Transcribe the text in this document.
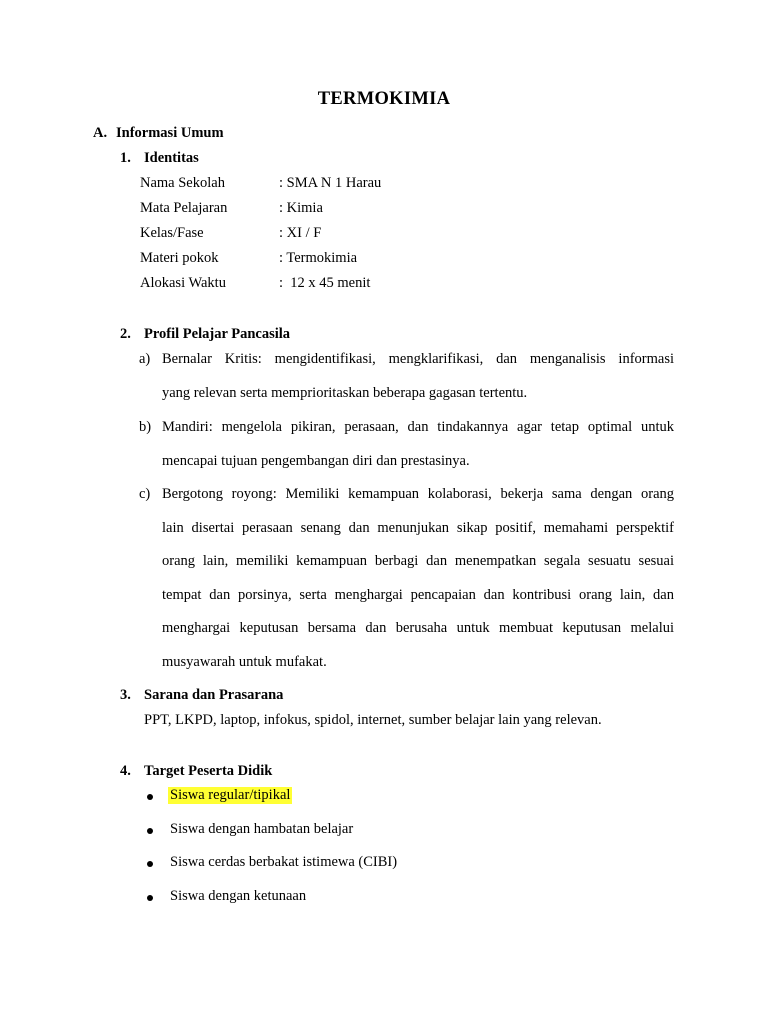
TERMOKIMIA
A. Informasi Umum
1. Identitas
Nama Sekolah	: SMA N 1 Harau
Mata Pelajaran	: Kimia
Kelas/Fase	: XI / F
Materi pokok	: Termokimia
Alokasi Waktu	:  12 x 45 menit
2. Profil Pelajar Pancasila
a) Bernalar Kritis: mengidentifikasi, mengklarifikasi, dan menganalisis informasi
yang relevan serta memprioritaskan beberapa gagasan tertentu.
b) Mandiri: mengelola pikiran, perasaan, dan tindakannya agar tetap optimal untuk
mencapai tujuan pengembangan diri dan prestasinya.
c) Bergotong royong: Memiliki kemampuan kolaborasi, bekerja sama dengan orang
lain disertai perasaan senang dan menunjukan sikap positif, memahami perspektif
orang lain, memiliki kemampuan berbagi dan menempatkan segala sesuatu sesuai
tempat dan porsinya, serta menghargai pencapaian dan kontribusi orang lain, dan
menghargai keputusan bersama dan berusaha untuk membuat keputusan melalui
musyawarah untuk mufakat.
3. Sarana dan Prasarana
PPT, LKPD, laptop, infokus, spidol, internet, sumber belajar lain yang relevan.
4. Target Peserta Didik
Siswa regular/tipikal
Siswa dengan hambatan belajar
Siswa cerdas berbakat istimewa (CIBI)
Siswa dengan ketunaan
